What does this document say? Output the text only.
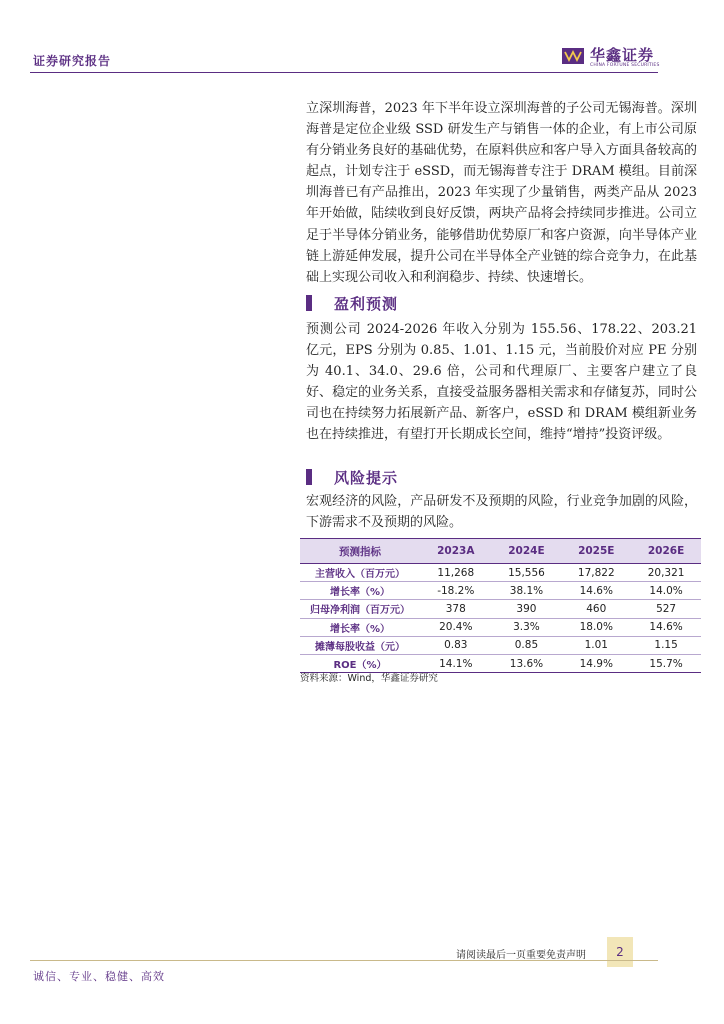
证券研究报告	华鑫证券
CHINA FORTUNE SECURITIES
立深圳海普，2023 年下半年设立深圳海普的子公司无锡海普。深圳海普是定位企业级 SSD 研发生产与销售一体的企业，有上市公司原有分销业务良好的基础优势，在原料供应和客户导入方面具备较高的起点，计划专注于 eSSD，而无锡海普专注于 DRAM 模组。目前深圳海普已有产品推出，2023 年实现了少量销售，两类产品从 2023 年开始做，陆续收到良好反馈，两块产品将会持续同步推进。公司立足于半导体分销业务，能够借助优势原厂和客户资源，向半导体产业链上游延伸发展，提升公司在半导体全产业链的综合竞争力，在此基础上实现公司收入和利润稳步、持续、快速增长。
盈利预测
预测公司 2024-2026 年收入分别为 155.56、178.22、203.21 亿元，EPS 分别为 0.85、1.01、1.15 元，当前股价对应 PE 分别为 40.1、34.0、29.6 倍，公司和代理原厂、主要客户建立了良好、稳定的业务关系，直接受益服务器相关需求和存储复苏，同时公司也在持续努力拓展新产品、新客户，eSSD 和 DRAM 模组新业务也在持续推进，有望打开长期成长空间，维持“增持”投资评级。
风险提示
宏观经济的风险，产品研发不及预期的风险，行业竞争加剧的风险，下游需求不及预期的风险。
预测指标	2023A	2024E	2025E	2026E
主营收入（百万元）	11,268	15,556	17,822	20,321
增长率（%）	-18.2%	38.1%	14.6%	14.0%
归母净利润（百万元）	378	390	460	527
增长率（%）	20.4%	3.3%	18.0%	14.6%
摊薄每股收益（元）	0.83	0.85	1.01	1.15
ROE（%）	14.1%	13.6%	14.9%	15.7%
资料来源：Wind，华鑫证券研究
请阅读最后一页重要免责声明	2
诚信、专业、稳健、高效
